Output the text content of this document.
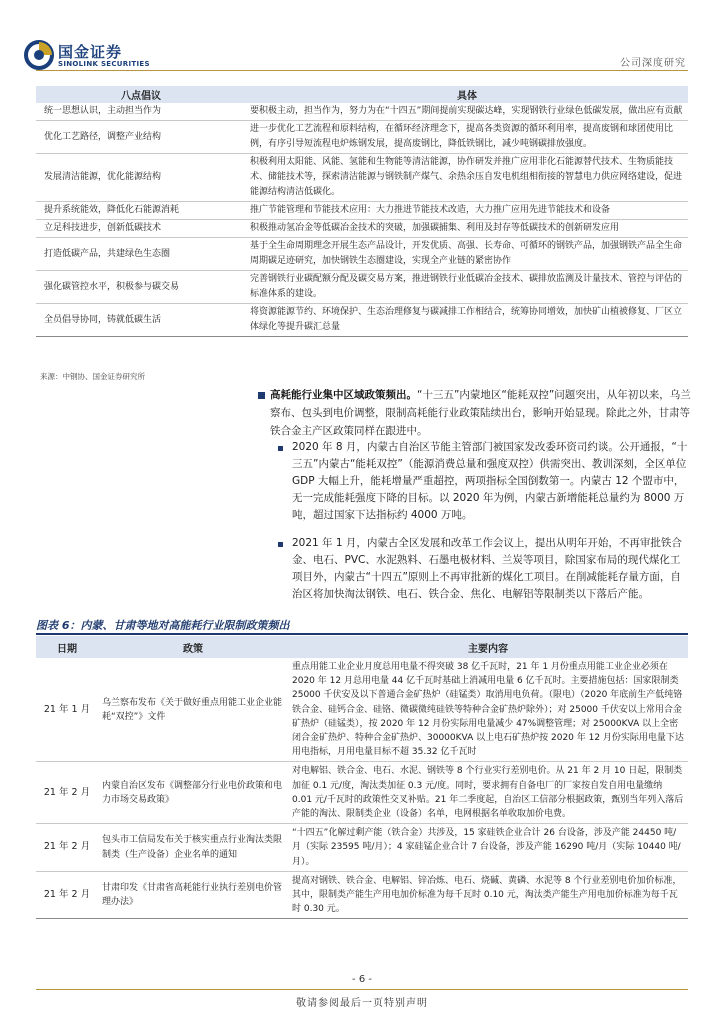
国金证券
SINOLINK SECURITIES	公司深度研究
八点倡议	具体
统一思想认识，主动担当作为	要积极主动，担当作为，努力为在“十四五”期间提前实现碳达峰，实现钢铁行业绿色低碳发展，做出应有贡献
优化工艺路径，调整产业结构	进一步优化工艺流程和原料结构，在循环经济理念下，提高各类资源的循环利用率，提高废钢和球团使用比例，有序引导短流程电炉炼钢发展，提高废钢比，降低铁钢比，减少吨钢碳排放强度。
发展清洁能源，优化能源结构	积极利用太阳能、风能、氢能和生物能等清洁能源，协作研发并推广应用非化石能源替代技术、生物质能技术、储能技术等，探索清洁能源与钢铁制产煤气、余热余压自发电机组相衔接的智慧电力供应网络建设，促进能源结构清洁低碳化。
提升系统能效，降低化石能源消耗	推广节能管理和节能技术应用：大力推进节能技术改造，大力推广应用先进节能技术和设备
立足科技进步，创新低碳技术	积极推动氢冶金等低碳冶金技术的突破，加强碳捕集、利用及封存等低碳技术的创新研发应用
打造低碳产品，共建绿色生态圈	基于全生命周期理念开展生态产品设计，开发优质、高强、长寿命、可循环的钢铁产品，加强钢铁产品全生命周期碳足迹研究，加快钢铁生态圈建设，实现全产业链的紧密协作
强化碳管控水平，积极参与碳交易	完善钢铁行业碳配额分配及碳交易方案，推进钢铁行业低碳冶金技术、碳排放监测及计量技术、管控与评估的标准体系的建设。
全员倡导协同，铸就低碳生活	将资源能源节约、环境保护、生态治理修复与碳减排工作相结合，统筹协同增效，加快矿山植被修复、厂区立体绿化等提升碳汇总量
来源：中钢协、国金证券研究所
高耗能行业集中区域政策频出。“十三五”内蒙地区“能耗双控”问题突出，从年初以来，乌兰察布、包头到电价调整，限制高耗能行业政策陆续出台，影响开始显现。除此之外，甘肃等铁合金主产区政策同样在跟进中。
2020 年 8 月，内蒙古自治区节能主管部门被国家发改委环资司约谈。公开通报，“十三五”内蒙古“能耗双控”（能源消费总量和强度双控）供需突出、教训深刻，全区单位 GDP 大幅上升，能耗增量严重超控，两项指标全国倒数第一。内蒙古 12 个盟市中，无一完成能耗强度下降的目标。以 2020 年为例，内蒙古新增能耗总量约为 8000 万吨，超过国家下达指标约 4000 万吨。
2021 年 1 月，内蒙古全区发展和改革工作会议上，提出从明年开始，不再审批铁合金、电石、PVC、水泥熟料、石墨电极材料、兰炭等项目，除国家布局的现代煤化工项目外，内蒙古“十四五”原则上不再审批新的煤化工项目。在削减能耗存量方面，自治区将加快淘汰钢铁、电石、铁合金、焦化、电解铝等限制类以下落后产能。
图表 6：内蒙、甘肃等地对高能耗行业限制政策频出
日期	政策	主要内容
21 年 1 月	乌兰察布发布《关于做好重点用能工业企业能耗“双控”》文件	重点用能工业企业月度总用电量不得突破 38 亿千瓦时，21 年 1 月份重点用能工业企业必须在 2020 年 12 月总用电量 44 亿千瓦时基础上消减用电量 6 亿千瓦时。主要措施包括：国家限制类 25000 千伏安及以下普通合金矿热炉（硅锰类）取消用电负荷。（限电）（2020 年底前生产低纯铬铁合金、硅钙合金、硅铬、微碳微纯硅铁等特种合金矿热炉除外）；对 25000 千伏安以上常用合金矿热炉（硅锰类），按 2020 年 12 月份实际用电量减少 47%调整管理；对 25000KVA 以上全密闭合金矿热炉、特种合金矿热炉、30000KVA 以上电石矿热炉按 2020 年 12 月份实际用电量下达用电指标，月用电量目标不超 35.32 亿千瓦时
21 年 2 月	内蒙自治区发布《调整部分行业电价政策和电力市场交易政策》	对电解铝、铁合金、电石、水泥、钢铁等 8 个行业实行差别电价。从 21 年 2 月 10 日起，限制类加征 0.1 元/度，淘汰类加征 0.3 元/度。同时，要求拥有自备电厂的厂家按自发自用电量缴纳 0.01 元/千瓦时的政策性交叉补贴。21 年二季度起，自治区工信部分根据政策，甄别当年列入落后产能的淘汰、限制类企业（设备）名单，电网根据名单收取加价电费。
21 年 2 月	包头市工信局发布关于核实重点行业淘汰类限制类（生产设备）企业名单的通知	“十四五”化解过剩产能（铁合金）共涉及，15 家硅铁企业合计 26 台设备，涉及产能 24450 吨/月（实际 23595 吨/月）；4 家硅锰企业合计 7 台设备，涉及产能 16290 吨/月（实际 10440 吨/月）。
21 年 2 月	甘肃印发《甘肃省高耗能行业执行差别电价管理办法》	提高对钢铁、铁合金、电解铝、锌冶炼、电石、烧碱、黄磷、水泥等 8 个行业差别电价加价标准，其中，限制类产能生产用电加价标准为每千瓦时 0.10 元，淘汰类产能生产用电加价标准为每千瓦时 0.30 元。
- 6 -
敬请参阅最后一页特别声明
